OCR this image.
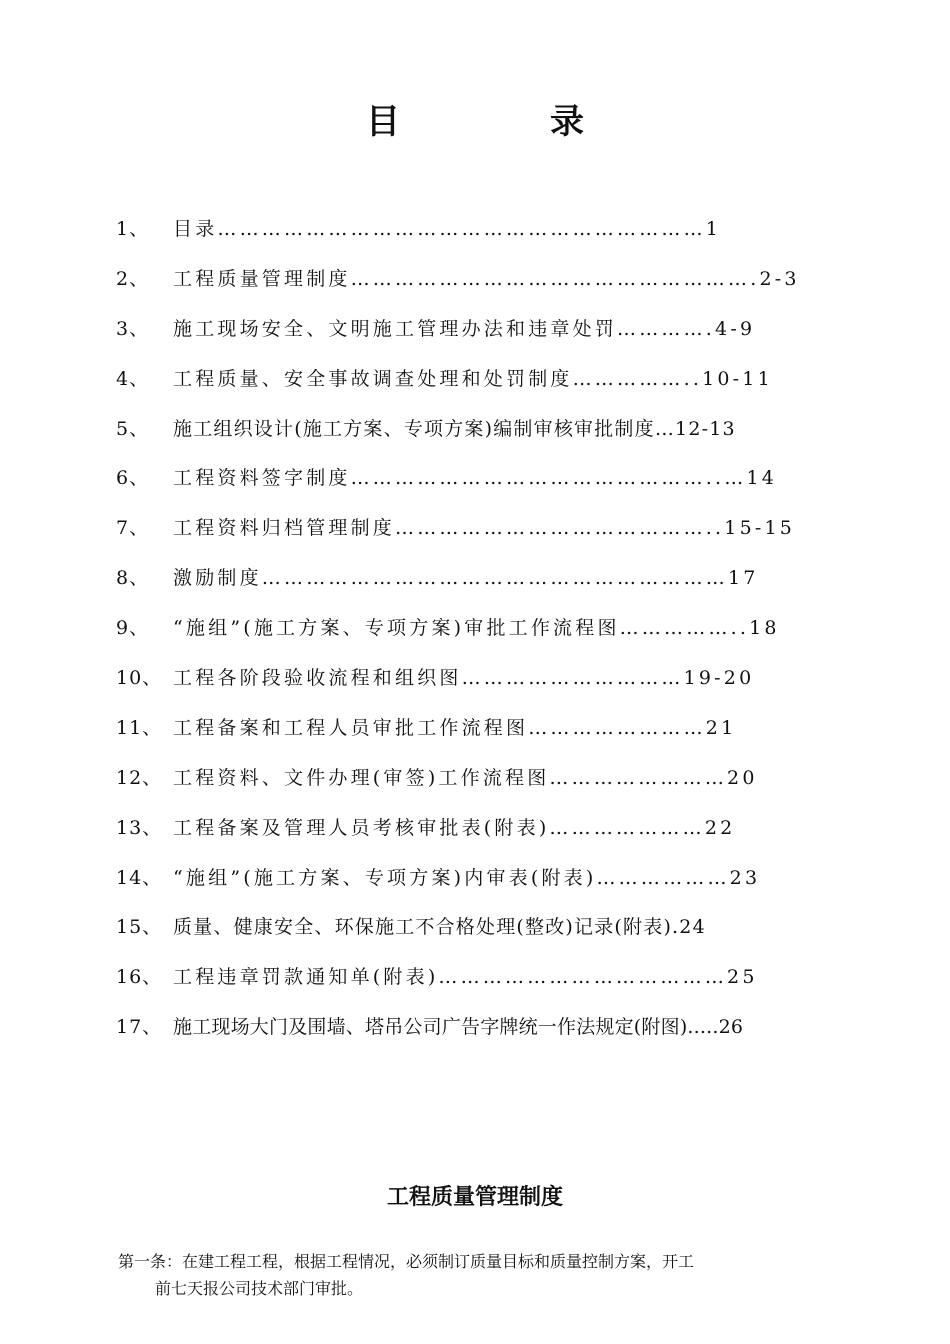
目　录
1、	目录…………………………………………………………1
2、	工程质量管理制度……………………………………………….2-3
3、	施工现场安全、文明施工管理办法和违章处罚………….4-9
4、	工程质量、安全事故调查处理和处罚制度……………..10-11
5、	施工组织设计(施工方案、专项方案)编制审核审批制度…12-13
6、	工程资料签字制度…………………………………………..…14
7、	工程资料归档管理制度……………………………………..15-15
8、	激励制度………………………………………………………17
9、	“施组”(施工方案、专项方案)审批工作流程图……………..18
10、 工程各阶段验收流程和组织图…………………………19-20
11、 工程备案和工程人员审批工作流程图……………………21
12、 工程资料、文件办理(审签)工作流程图……………………20
13、 工程备案及管理人员考核审批表(附表)…………………22
14、 “施组”(施工方案、专项方案)内审表(附表)………………23
15、 质量、健康安全、环保施工不合格处理(整改)记录(附表).24
16、 工程违章罚款通知单(附表)…………………………………25
17、 施工现场大门及围墙、塔吊公司广告字牌统一作法规定(附图).....26
工程质量管理制度

第一条：在建工程工程，根据工程情况，必须制订质量目标和质量控制方案，开工
前七天报公司技术部门审批。
